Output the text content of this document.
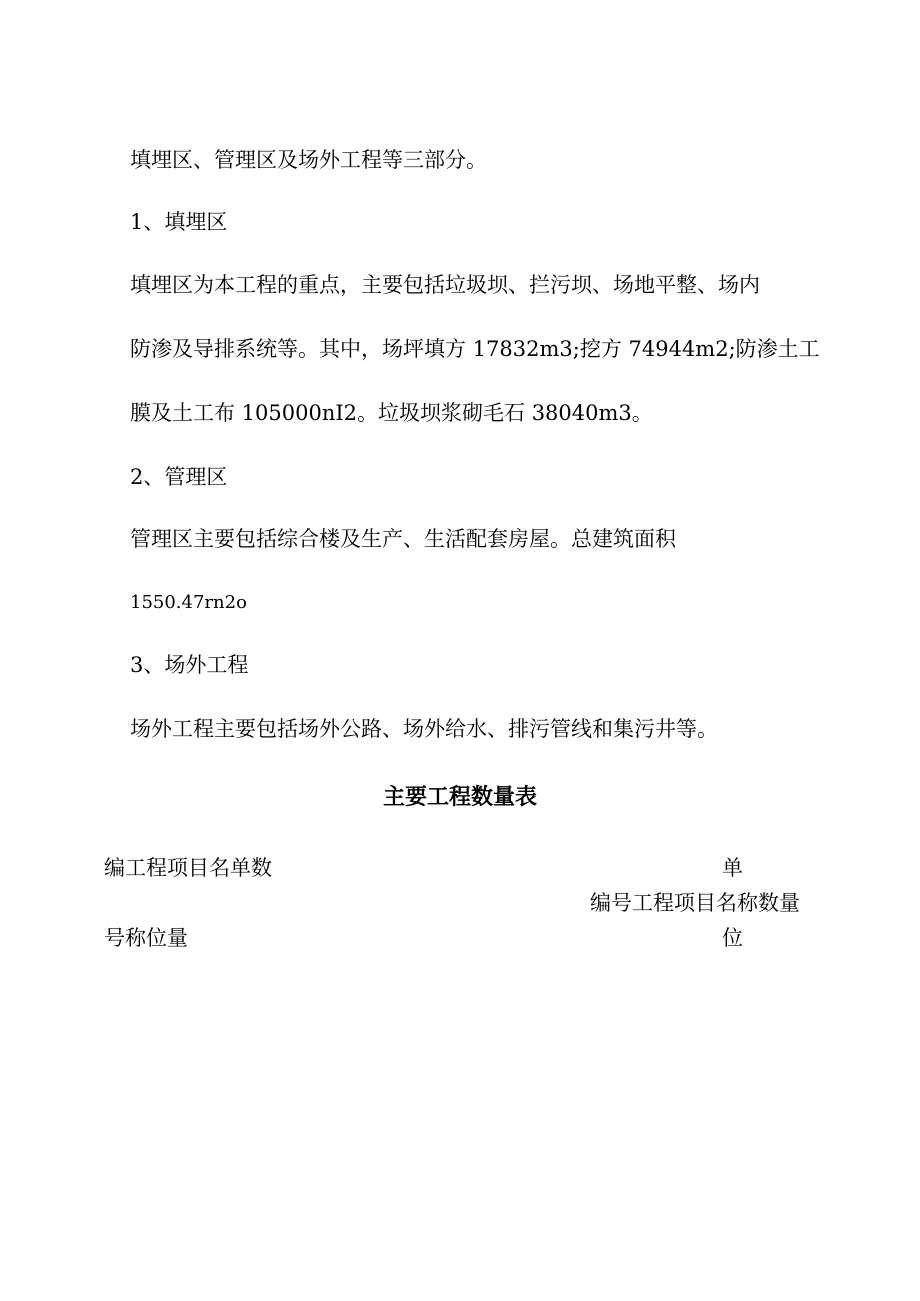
填埋区、管理区及场外工程等三部分。

1、填埋区

填埋区为本工程的重点，主要包括垃圾坝、拦污坝、场地平整、场内

防渗及导排系统等。其中，场坪填方 17832m3;挖方 74944m2;防渗土工

膜及土工布 105000nI2。垃圾坝浆砌毛石 38040m3。

2、管理区

管理区主要包括综合楼及生产、生活配套房屋。总建筑面积

1550.47rn2o

3、场外工程

场外工程主要包括场外公路、场外给水、排污管线和集污井等。

主要工程数量表
编工程项目名单数	单
编号工程项目名称数量
号称位量	位
